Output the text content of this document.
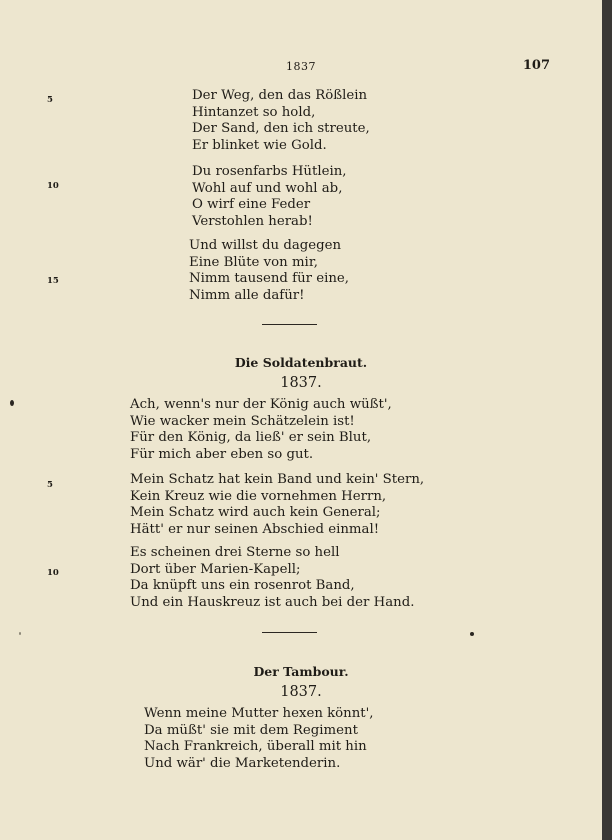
1837	107
5
10
15
Der Weg, den das Rößlein
Hintanzet so hold,
Der Sand, den ich streute,
Er blinket wie Gold.
Du rosenfarbs Hütlein,
Wohl auf und wohl ab,
O wirf eine Feder
Verstohlen herab!
Und willst du dagegen
Eine Blüte von mir,
Nimm tausend für eine,
Nimm alle dafür!
Die Soldatenbraut.
1837.
5
10
Ach, wenn's nur der König auch wüßt',
Wie wacker mein Schätzelein ist!
Für den König, da ließ' er sein Blut,
Für mich aber eben so gut.
Mein Schatz hat kein Band und kein' Stern,
Kein Kreuz wie die vornehmen Herrn,
Mein Schatz wird auch kein General;
Hätt' er nur seinen Abschied einmal!
Es scheinen drei Sterne so hell
Dort über Marien-Kapell;
Da knüpft uns ein rosenrot Band,
Und ein Hauskreuz ist auch bei der Hand.
Der Tambour.
1837.
Wenn meine Mutter hexen könnt',
Da müßt' sie mit dem Regiment
Nach Frankreich, überall mit hin
Und wär' die Marketenderin.
